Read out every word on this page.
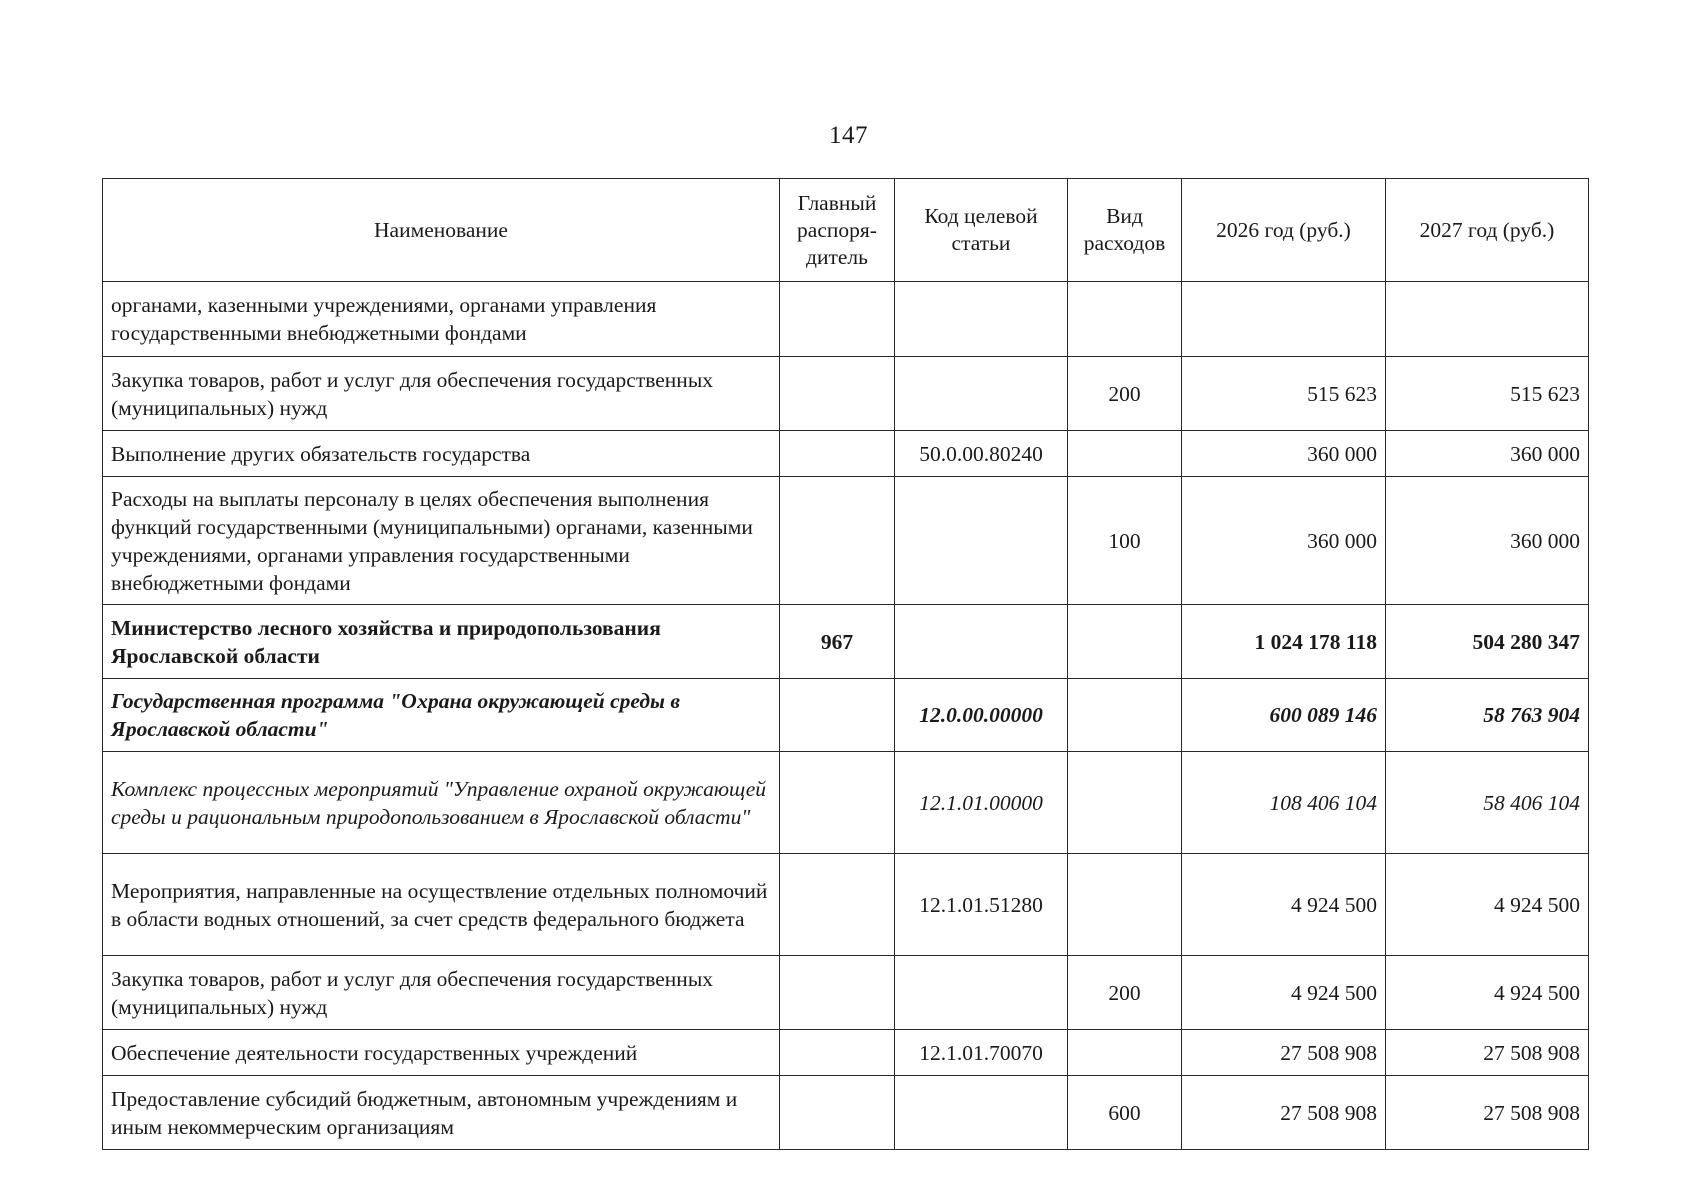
147
Наименование	Главный распоря-дитель	Код целевой статьи	Вид расходов	2026 год (руб.)	2027 год (руб.)
органами, казенными учреждениями, органами управления государственными внебюджетными фондами					
Закупка товаров, работ и услуг для обеспечения государственных (муниципальных) нужд			200	515 623	515 623
Выполнение других обязательств государства		50.0.00.80240		360 000	360 000
Расходы на выплаты персоналу в целях обеспечения выполнения функций государственными (муниципальными) органами, казенными учреждениями, органами управления государственными внебюджетными фондами			100	360 000	360 000
Министерство лесного хозяйства и природопользования Ярославской области	967			1 024 178 118	504 280 347
Государственная программа "Охрана окружающей среды в Ярославской области"		12.0.00.00000		600 089 146	58 763 904
Комплекс процессных мероприятий "Управление охраной окружающей среды и рациональным природопользованием в Ярославской области"		12.1.01.00000		108 406 104	58 406 104
Мероприятия, направленные на осуществление отдельных полномочий в области водных отношений, за счет средств федерального бюджета		12.1.01.51280		4 924 500	4 924 500
Закупка товаров, работ и услуг для обеспечения государственных (муниципальных) нужд			200	4 924 500	4 924 500
Обеспечение деятельности государственных учреждений		12.1.01.70070		27 508 908	27 508 908
Предоставление субсидий бюджетным, автономным учреждениям и иным некоммерческим организациям			600	27 508 908	27 508 908
